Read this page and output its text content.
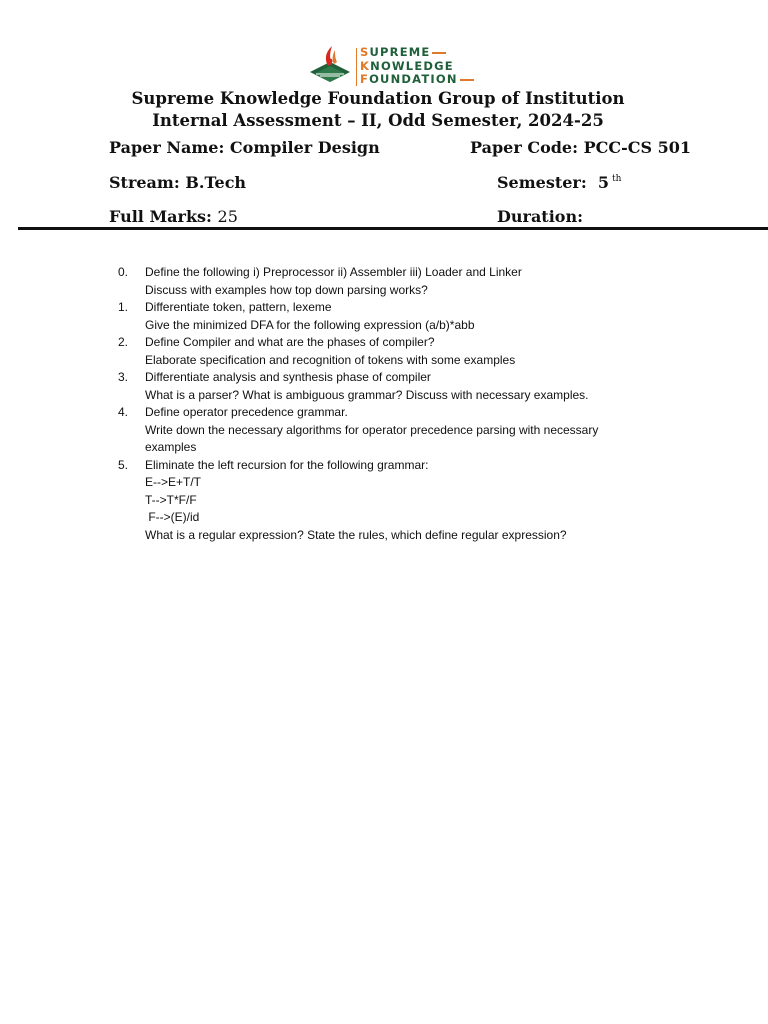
SUPREME
KNOWLEDGE
FOUNDATION
Supreme Knowledge Foundation Group of Institution
Internal Assessment – II, Odd Semester, 2024-25
Paper Name: Compiler Design	Paper Code: PCC-CS 501
Stream: B.Tech	Semester: 5 $^{th}$
Full Marks: 25	Duration:
0. Define the following i) Preprocessor ii) Assembler iii) Loader and Linker
Discuss with examples how top down parsing works?
1. Differentiate token, pattern, lexeme
Give the minimized DFA for the following expression (a/b)*abb
2. Define Compiler and what are the phases of compiler?
Elaborate specification and recognition of tokens with some examples
3. Differentiate analysis and synthesis phase of compiler
What is a parser? What is ambiguous grammar? Discuss with necessary examples.
4. Define operator precedence grammar.
Write down the necessary algorithms for operator precedence parsing with necessary
examples
5. Eliminate the left recursion for the following grammar:
E-->E+T/T
T-->T*F/F
F-->(E)/id
What is a regular expression? State the rules, which define regular expression?
